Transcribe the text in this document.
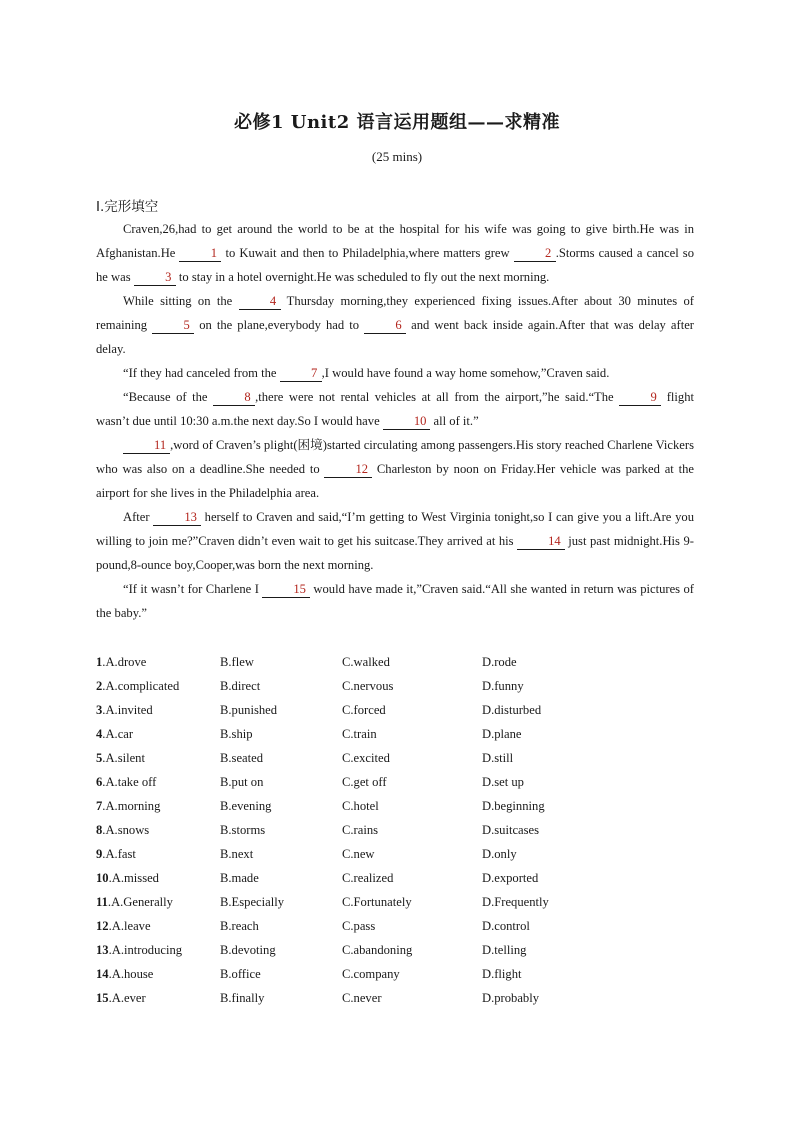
必修1 Unit2 语言运用题组——求精准
(25 mins)
Ⅰ.完形填空

Craven,26,had to get around the world to be at the hospital for his wife was going to give birth.He was in Afghanistan.He 1 to Kuwait and then to Philadelphia,where matters grew 2 .Storms caused a cancel so he was 3 to stay in a hotel overnight.He was scheduled to fly out the next morning.

While sitting on the 4 Thursday morning,they experienced fixing issues.After about 30 minutes of remaining 5 on the plane,everybody had to 6 and went back inside again.After that was delay after delay.

“If they had canceled from the 7 ,I would have found a way home somehow,”Craven said.

“Because of the 8 ,there were not rental vehicles at all from the airport,”he said.“The 9 flight wasn’t due until 10:30 a.m.the next day.So I would have 10 all of it.”

11 ,word of Craven’s plight(困境)started circulating among passengers.His story reached Charlene Vickers who was also on a deadline.She needed to 12 Charleston by noon on Friday.Her vehicle was parked at the airport for she lives in the Philadelphia area.

After 13 herself to Craven and said,“I’m getting to West Virginia tonight,so I can give you a lift.Are you willing to join me?”Craven didn’t even wait to get his suitcase.They arrived at his 14 just past midnight.His 9-pound,8-ounce boy,Cooper,was born the next morning.

“If it wasn’t for Charlene I 15 would have made it,”Craven said.“All she wanted in return was pictures of the baby.”

1.A.drove	B.flew	C.walked	D.rode
2.A.complicated	B.direct	C.nervous	D.funny
3.A.invited	B.punished	C.forced	D.disturbed
4.A.car	B.ship	C.train	D.plane
5.A.silent	B.seated	C.excited	D.still
6.A.take off	B.put on	C.get off	D.set up
7.A.morning	B.evening	C.hotel	D.beginning
8.A.snows	B.storms	C.rains	D.suitcases
9.A.fast	B.next	C.new	D.only
10.A.missed	B.made	C.realized	D.exported
11.A.Generally	B.Especially	C.Fortunately	D.Frequently
12.A.leave	B.reach	C.pass	D.control
13.A.introducing	B.devoting	C.abandoning	D.telling
14.A.house	B.office	C.company	D.flight
15.A.ever	B.finally	C.never	D.probably
